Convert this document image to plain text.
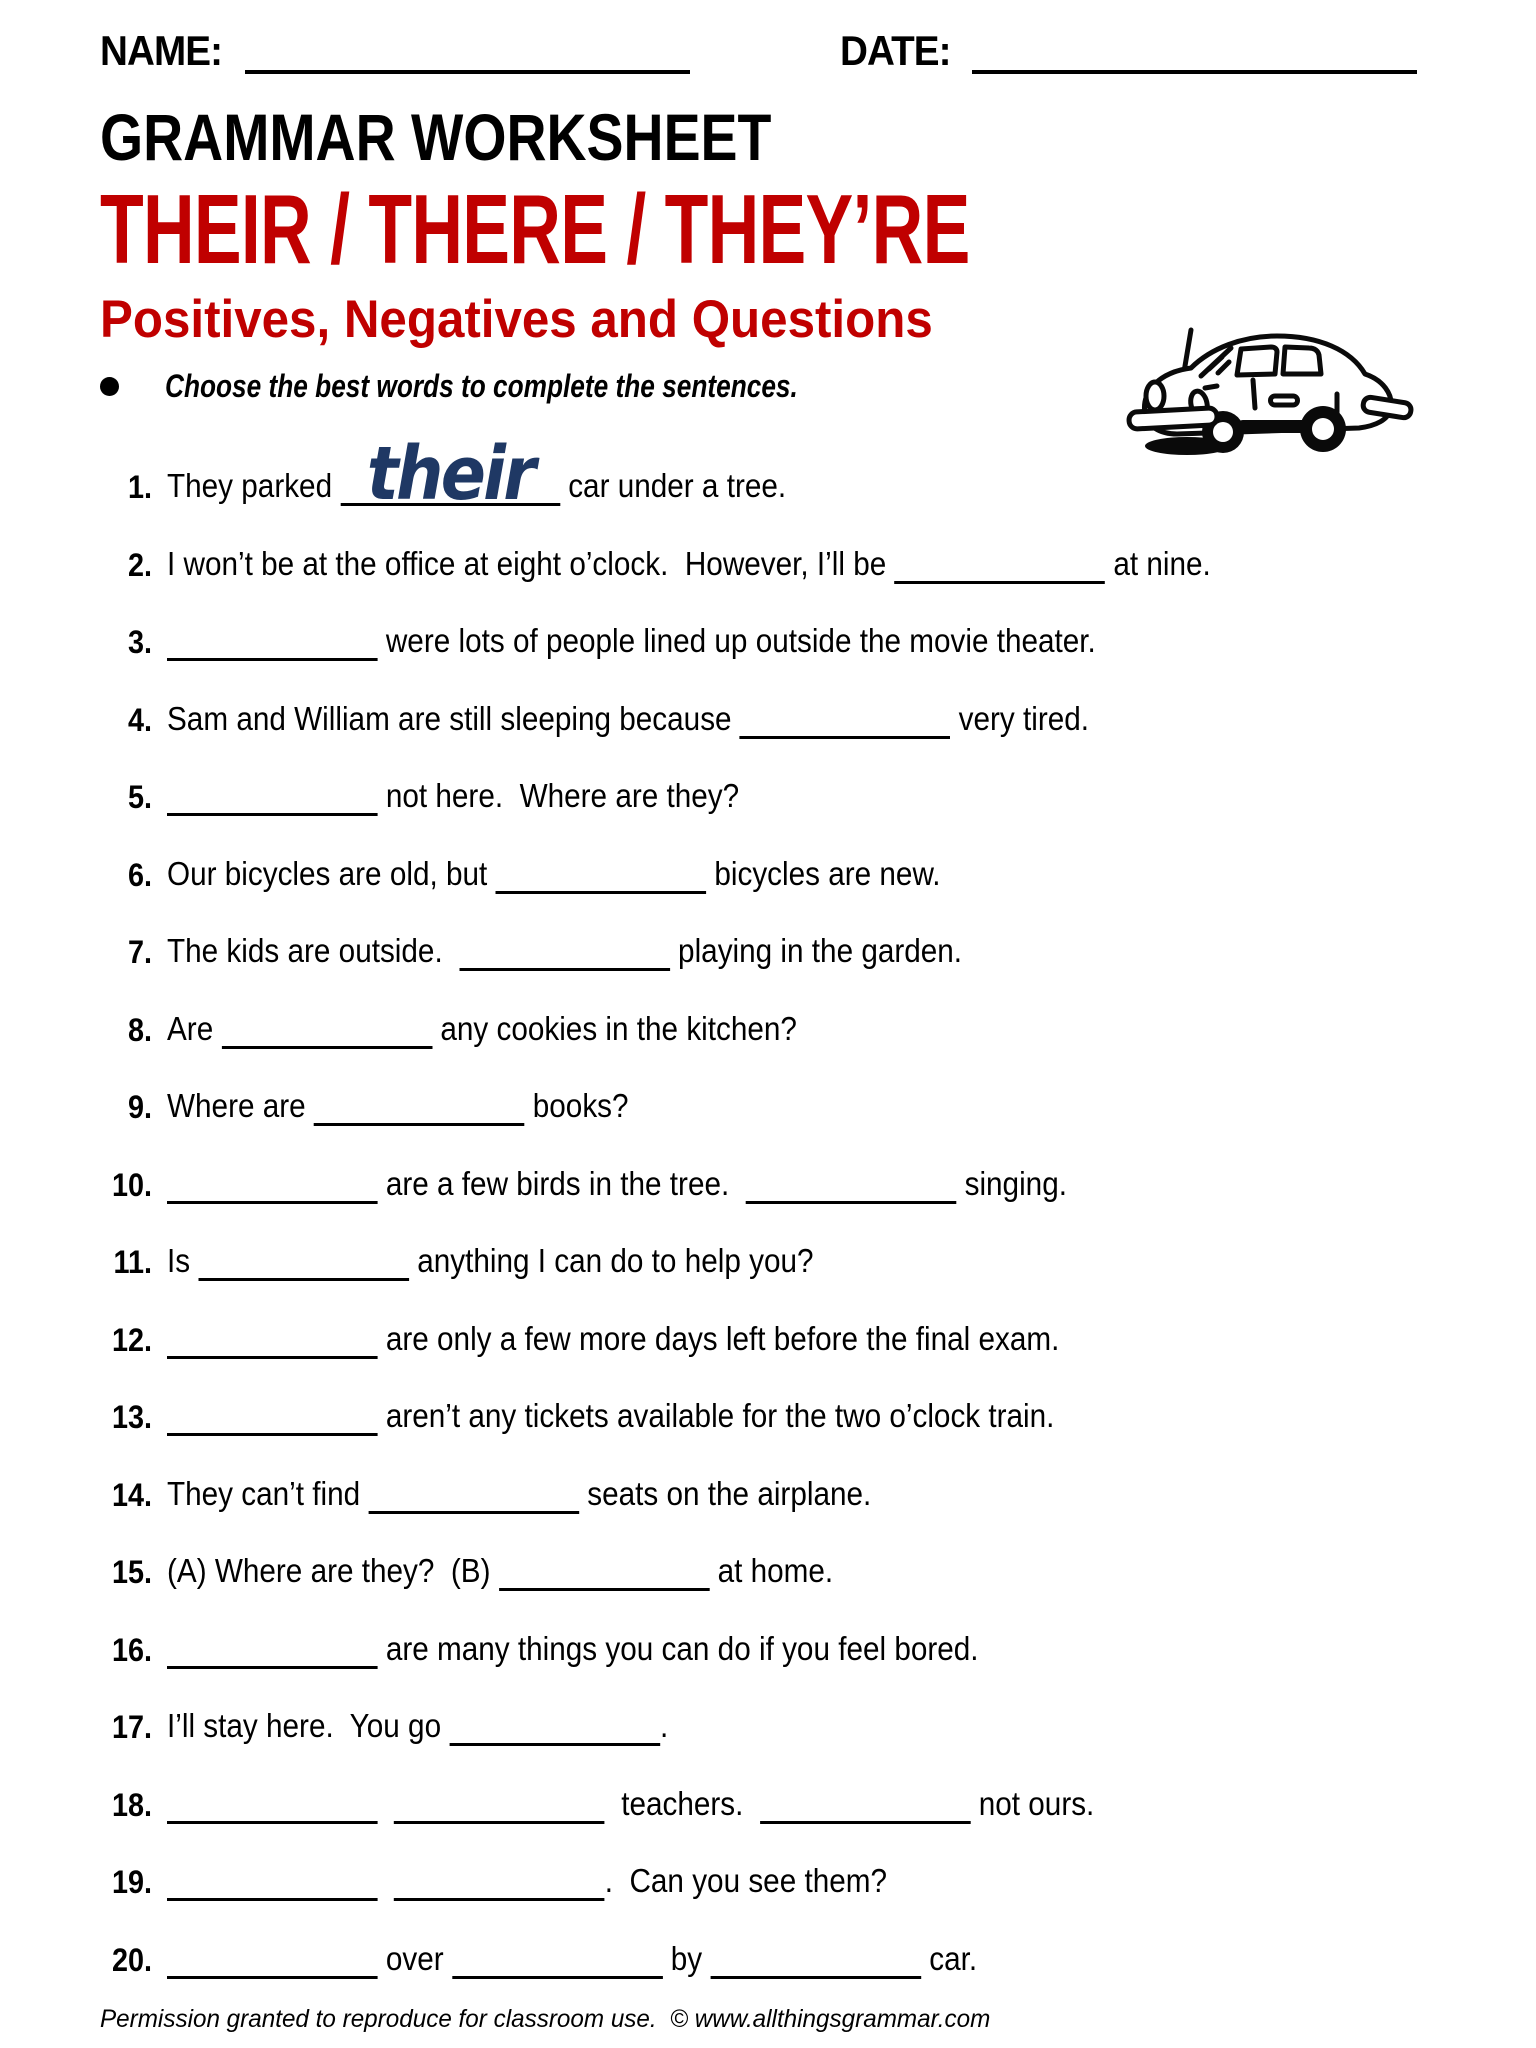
NAME:	DATE:
GRAMMAR WORKSHEET
THEIR / THERE / THEY’RE
Positives, Negatives and Questions
Choose the best words to complete the sentences.
1. They parked their car under a tree.
2. I won’t be at the office at eight o’clock.  However, I’ll be	at nine.
3.	were lots of people lined up outside the movie theater.
4. Sam and William are still sleeping because	very tired.
5.	not here.  Where are they?
6. Our bicycles are old, but	bicycles are new.
7. The kids are outside.	playing in the garden.
8. Are	any cookies in the kitchen?
9. Where are	books?
10.	are a few birds in the tree.	singing.
11. Is	anything I can do to help you?
12.	are only a few more days left before the final exam.
13.	aren’t any tickets available for the two o’clock train.
14. They can’t find	seats on the airplane.
15. (A) Where are they?  (B)	at home.
16.	are many things you can do if you feel bored.
17. I’ll stay here.  You go	.
18.	teachers.	not ours.
19.	.  Can you see them?
20.	over	by	car.
Permission granted to reproduce for classroom use.  © www.allthingsgrammar.com
